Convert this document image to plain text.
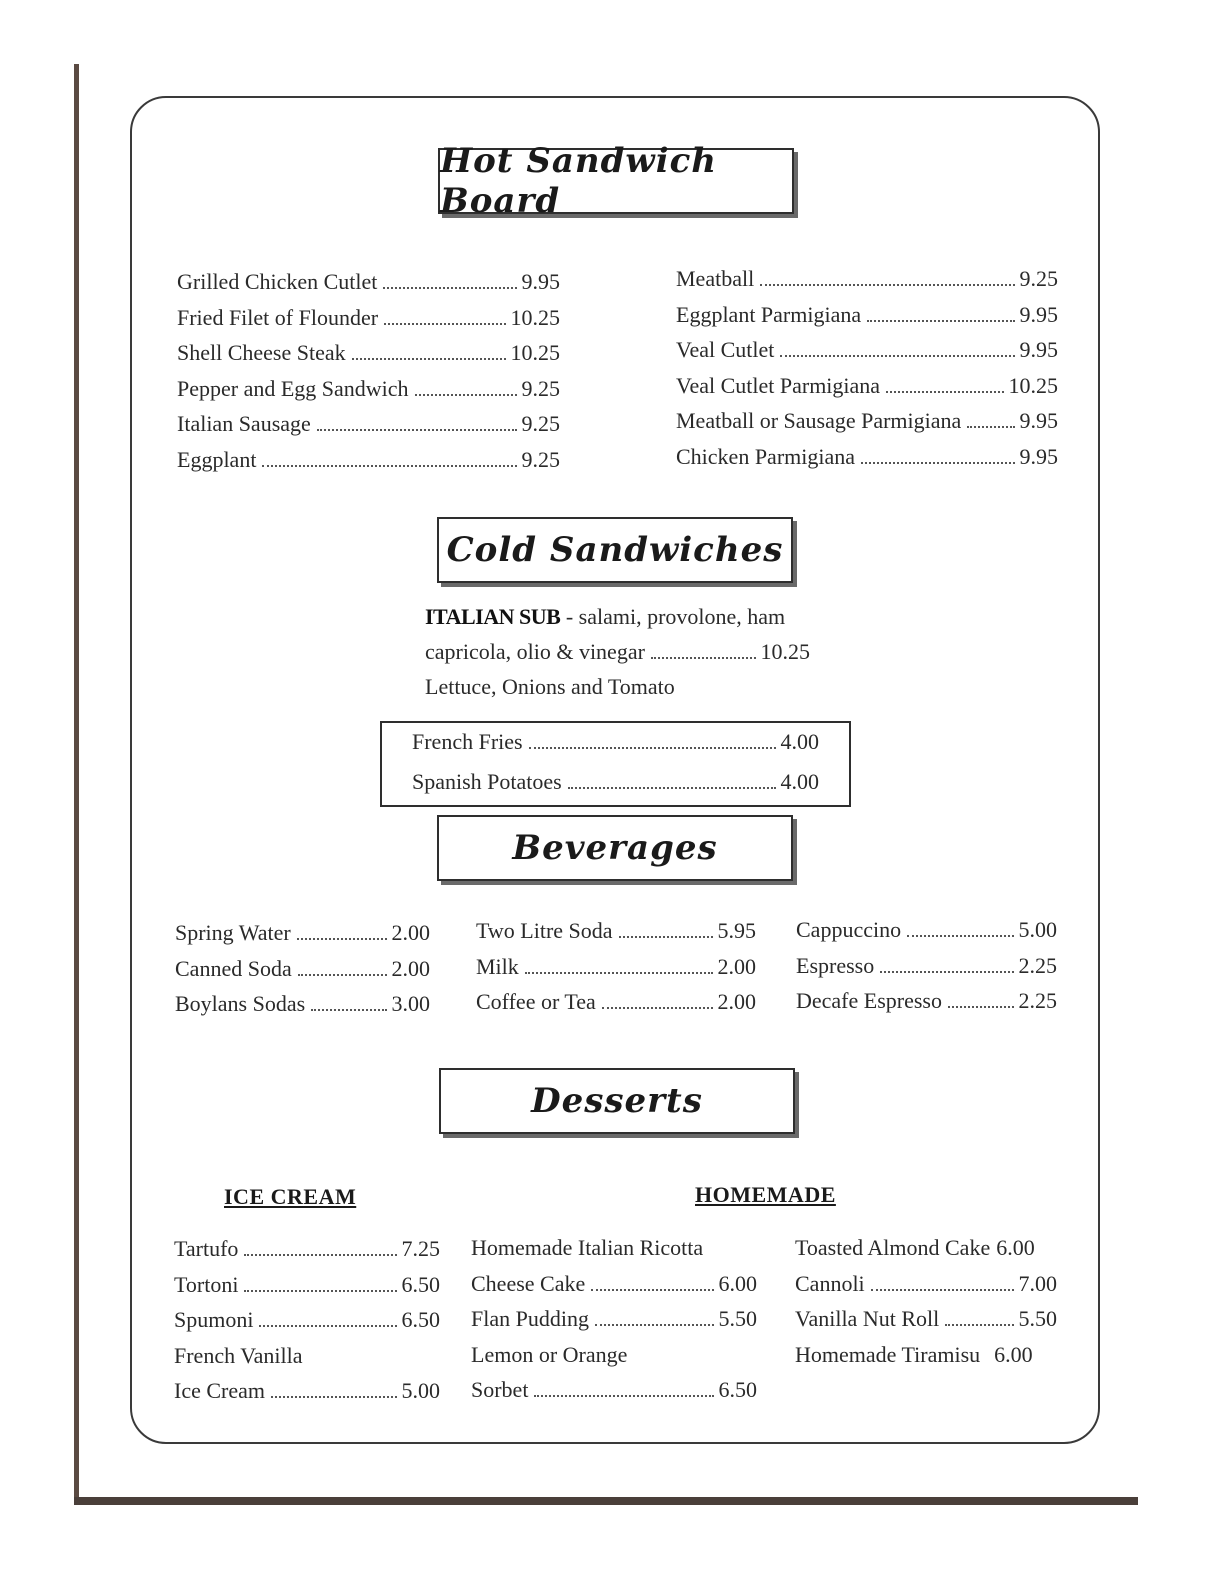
Hot Sandwich Board
Grilled Chicken Cutlet	9.95
Fried Filet of Flounder	10.25
Shell Cheese Steak	10.25
Pepper and Egg Sandwich	9.25
Italian Sausage	9.25
Eggplant	9.25
Meatball	9.25
Eggplant Parmigiana	9.95
Veal Cutlet	9.95
Veal Cutlet Parmigiana	10.25
Meatball or Sausage Parmigiana	9.95
Chicken Parmigiana	9.95
Cold Sandwiches
ITALIAN SUB - salami, provolone, ham
capricola, olio & vinegar	10.25
Lettuce, Onions and Tomato
French Fries	4.00
Spanish Potatoes	4.00
Beverages
Spring Water	2.00
Canned Soda	2.00
Boylans Sodas	3.00
Two Litre Soda	5.95
Milk	2.00
Coffee or Tea	2.00
Cappuccino	5.00
Espresso	2.25
Decafe Espresso	2.25
Desserts
ICE CREAM	HOMEMADE
Tartufo	7.25
Tortoni	6.50
Spumoni	6.50
French Vanilla
Ice Cream	5.00
Homemade Italian Ricotta
Cheese Cake	6.00
Flan Pudding	5.50
Lemon or Orange
Sorbet	6.50
Toasted Almond Cake 6.00
Cannoli	7.00
Vanilla Nut Roll	5.50
Homemade Tiramisu 6.00
